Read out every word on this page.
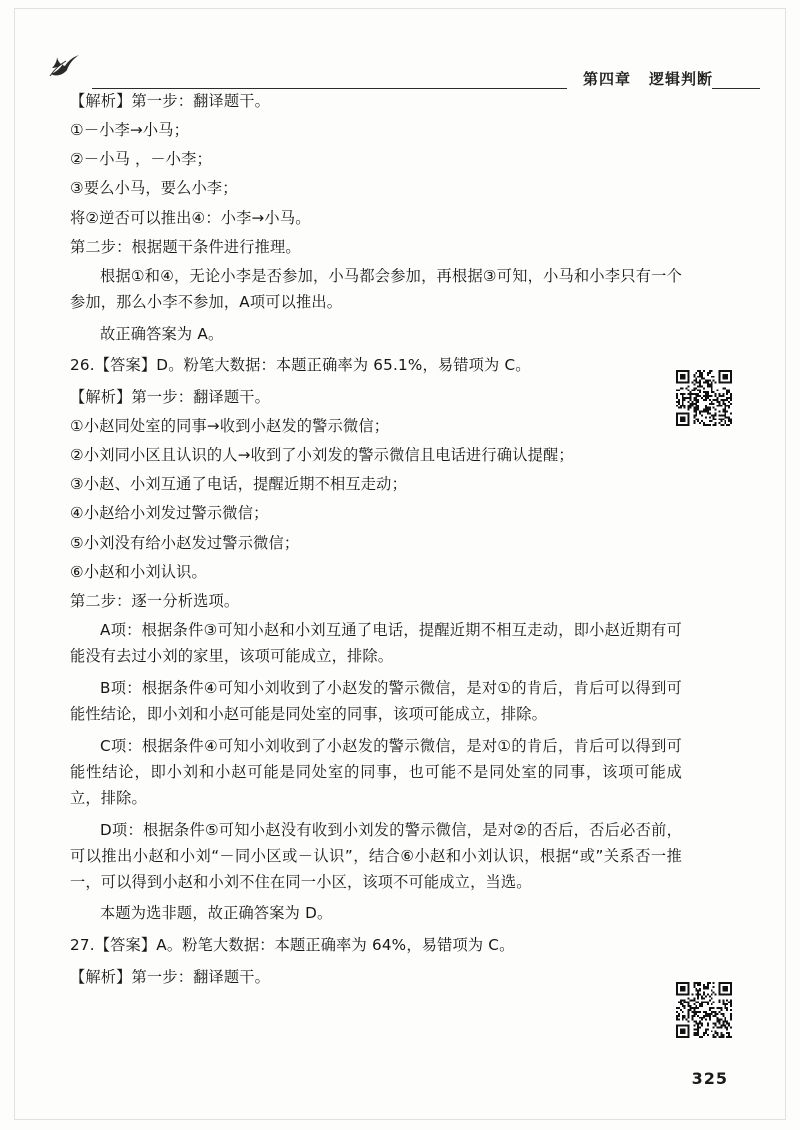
第四章 逻辑判断

【解析】第一步：翻译题干。

①－小李→小马；

②－小马 ，－小李；

③要么小马，要么小李；

将②逆否可以推出④：小李→小马。

第二步：根据题干条件进行推理。

根据①和④，无论小李是否参加，小马都会参加，再根据③可知，小马和小李只有一个参加，那么小李不参加，A项可以推出。

故正确答案为 A。

26.【答案】D。粉笔大数据：本题正确率为 65.1%，易错项为 C。

【解析】第一步：翻译题干。

①小赵同处室的同事→收到小赵发的警示微信；

②小刘同小区且认识的人→收到了小刘发的警示微信且电话进行确认提醒；

③小赵、小刘互通了电话，提醒近期不相互走动；

④小赵给小刘发过警示微信；

⑤小刘没有给小赵发过警示微信；

⑥小赵和小刘认识。

第二步：逐一分析选项。

A项：根据条件③可知小赵和小刘互通了电话，提醒近期不相互走动，即小赵近期有可能没有去过小刘的家里，该项可能成立，排除。

B项：根据条件④可知小刘收到了小赵发的警示微信，是对①的肯后，肯后可以得到可能性结论，即小刘和小赵可能是同处室的同事，该项可能成立，排除。

C项：根据条件④可知小刘收到了小赵发的警示微信，是对①的肯后，肯后可以得到可能性结论，即小刘和小赵可能是同处室的同事，也可能不是同处室的同事，该项可能成立，排除。

D项：根据条件⑤可知小赵没有收到小刘发的警示微信，是对②的否后，否后必否前，可以推出小赵和小刘“－同小区或－认识”，结合⑥小赵和小刘认识，根据“或”关系否一推一，可以得到小赵和小刘不住在同一小区，该项不可能成立，当选。

本题为选非题，故正确答案为 D。

27.【答案】A。粉笔大数据：本题正确率为 64%，易错项为 C。

【解析】第一步：翻译题干。

325
